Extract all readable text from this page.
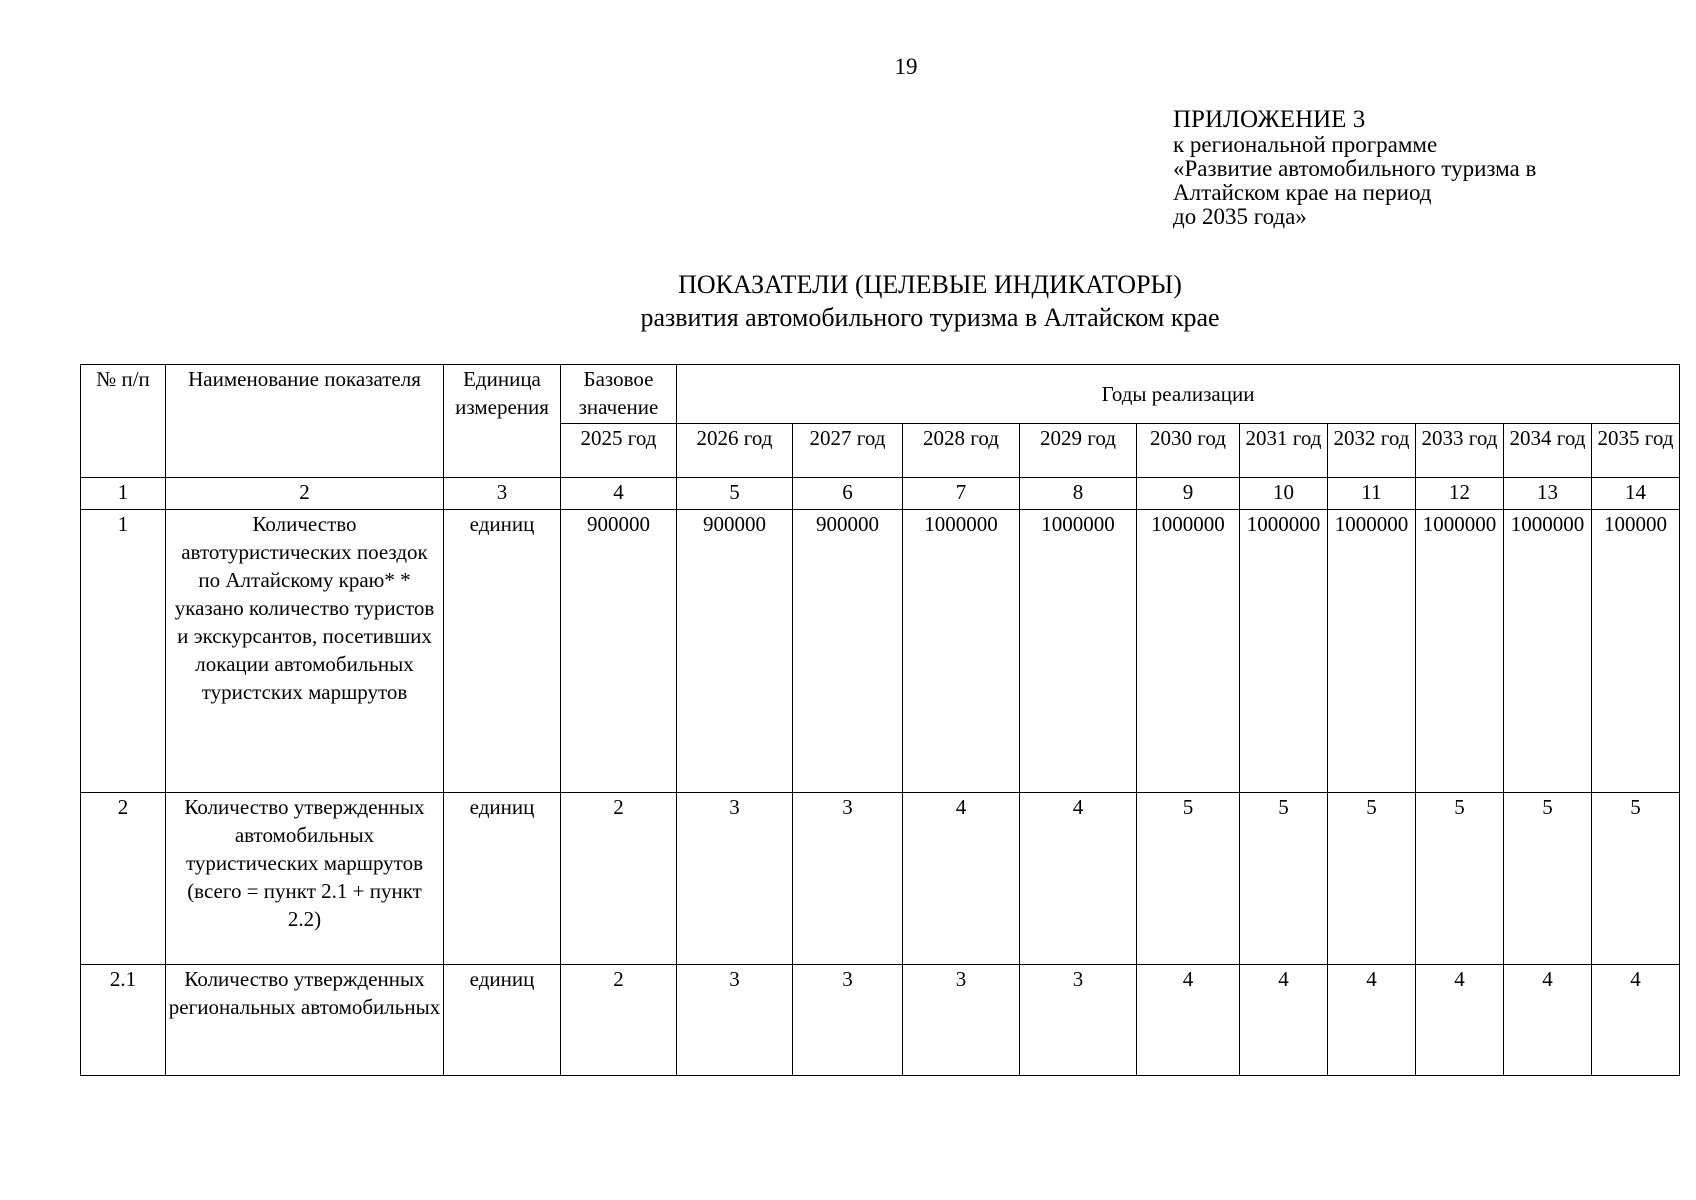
19
ПРИЛОЖЕНИЕ 3
к региональной программе
«Развитие автомобильного туризма в
Алтайском крае на период
до 2035 года»
ПОКАЗАТЕЛИ (ЦЕЛЕВЫЕ ИНДИКАТОРЫ)
развития автомобильного туризма в Алтайском крае
№ п/п	Наименование показателя	Единица измерения	Базовое значение	Годы реализации									
			2025 год	2026 год	2027 год	2028 год	2029 год	2030 год	2031 год	2032 год	2033 год	2034 год	2035 год
1	2	3	4	5	6	7	8	9	10	11	12	13	14
1	Количество автотуристических поездок по Алтайскому краю* * указано количество туристов и экскурсантов, посетивших локации автомобильных туристских маршрутов	единиц	900000	900000	900000	1000000	1000000	1000000	1000000	1000000	1000000	1000000	100000
2	Количество утвержденных автомобильных туристических маршрутов (всего = пункт 2.1 + пункт 2.2)	единиц	2	3	3	4	4	5	5	5	5	5	5
2.1	Количество утвержденных региональных автомобильных	единиц	2	3	3	3	3	4	4	4	4	4	4
